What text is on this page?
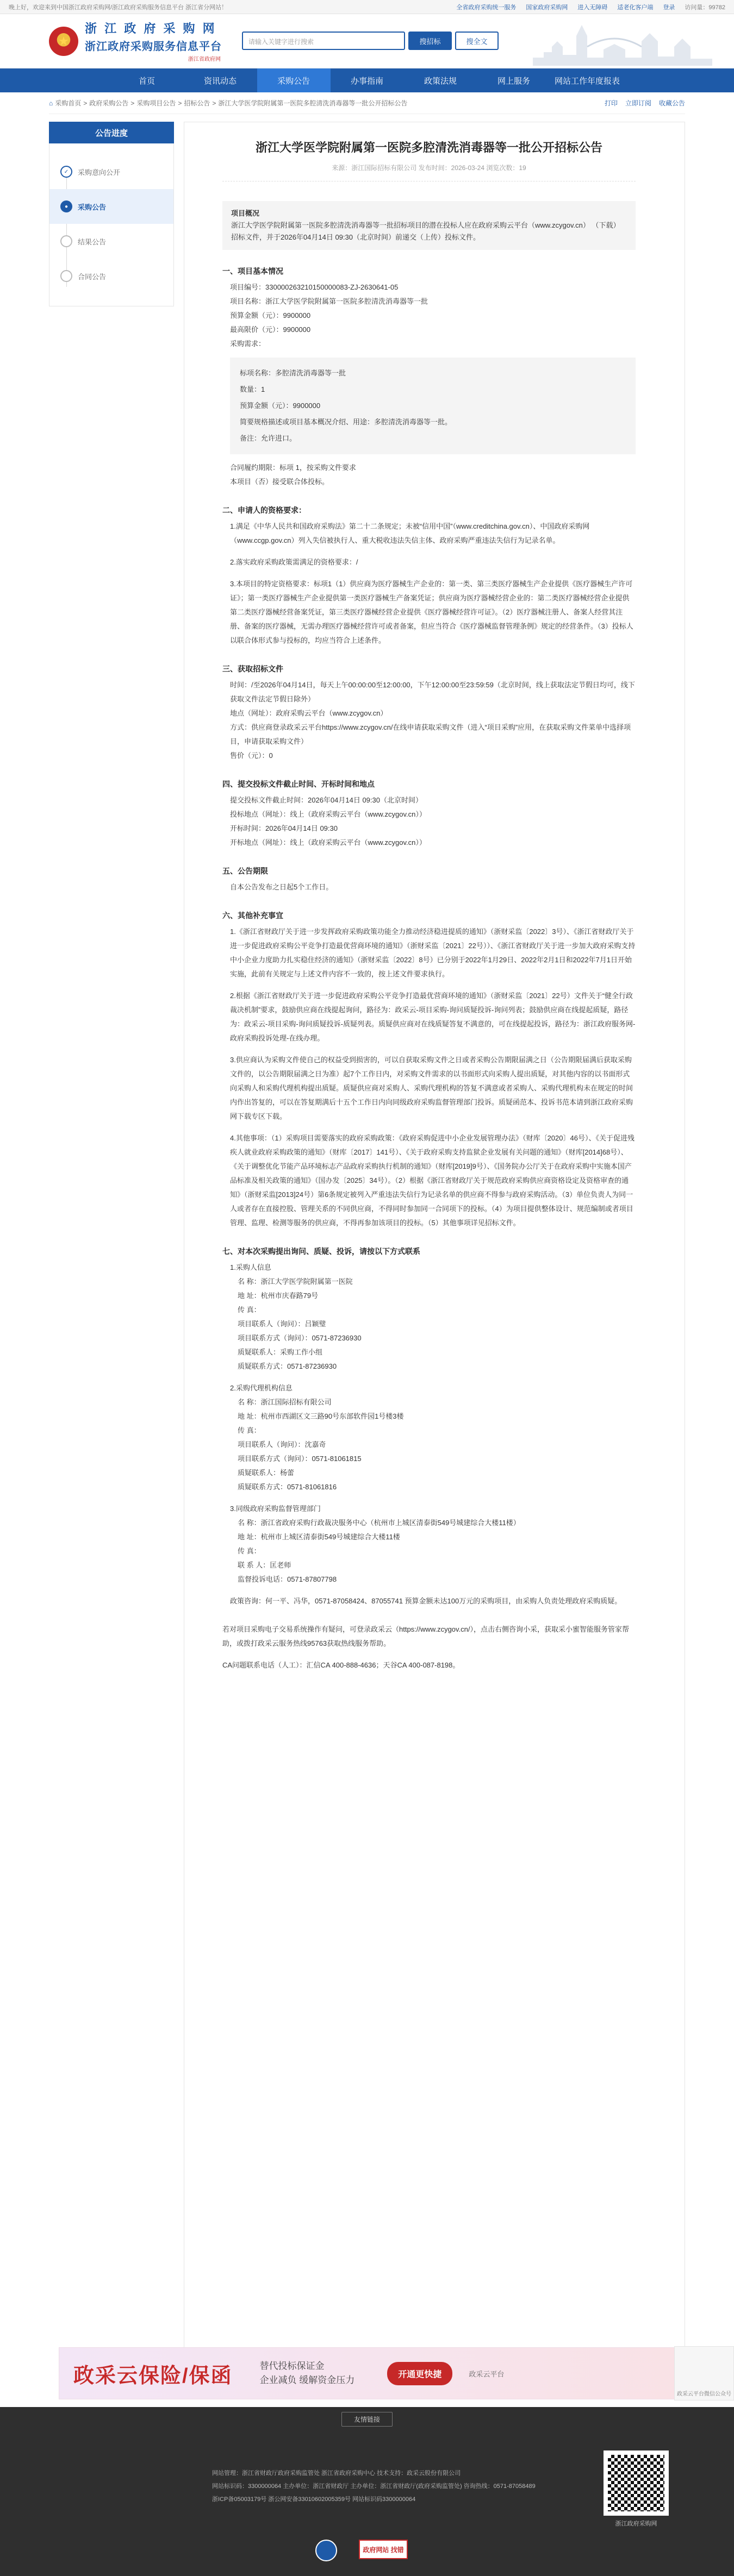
晚上好，欢迎来到中国浙江政府采购网/浙江政府采购服务信息平台 浙江省分网站！	全省政府采购统一服务 国家政府采购网 进入无障碍 适老化客户端 登录 访问量：99782
★
浙 江 政 府 采 购 网
浙江政府采购服务信息平台
浙江省政府网
请输入关键字进行搜索	搜招标	搜全文
首页	资讯动态	采购公告	办事指南	政策法规	网上服务	网站工作年度报表
⌂ 采购首页 > 政府采购公告 > 采购项目公告 > 招标公告 > 浙江大学医学院附属第一医院多腔清洗消毒器等一批公开招标公告	打印 立即订阅 收藏公告
公告进度
✓	采购意向公开
●	采购公告
结果公告
合同公告
浙江大学医学院附属第一医院多腔清洗消毒器等一批公开招标公告
来源：浙江国际招标有限公司 发布时间：2026-03-24 浏览次数：19

项目概况

浙江大学医学院附属第一医院多腔清洗消毒器等一批招标项目的潜在投标人应在政府采购云平台（www.zcygov.cn） （下载）招标文件，并于2026年04月14日 09:30（北京时间）前递交（上传）投标文件。

一、项目基本情况

项目编号：330000263210150000083-ZJ-2630641-05

项目名称：浙江大学医学院附属第一医院多腔清洗消毒器等一批

预算金额（元）：9900000

最高限价（元）：9900000

采购需求：

标项名称：多腔清洗消毒器等一批

数量：1

预算金额（元）：9900000

简要规格描述或项目基本概况介绍、用途：多腔清洗消毒器等一批。

备注：允许进口。

合同履约期限：标项 1，按采购文件要求

本项目（否）接受联合体投标。

二、申请人的资格要求：

1.满足《中华人民共和国政府采购法》第二十二条规定；未被“信用中国”（www.creditchina.gov.cn）、中国政府采购网（www.ccgp.gov.cn）列入失信被执行人、重大税收违法失信主体、政府采购严重违法失信行为记录名单。

2.落实政府采购政策需满足的资格要求：/

3.本项目的特定资格要求：标项1（1）供应商为医疗器械生产企业的：第一类、第三类医疗器械生产企业提供《医疗器械生产许可证》；第一类医疗器械生产企业提供第一类医疗器械生产备案凭证；供应商为医疗器械经营企业的：第二类医疗器械经营企业提供第二类医疗器械经营备案凭证，第三类医疗器械经营企业提供《医疗器械经营许可证》。（2）医疗器械注册人、备案人经营其注册、备案的医疗器械，无需办理医疗器械经营许可或者备案，但应当符合《医疗器械监督管理条例》规定的经营条件。（3）投标人以联合体形式参与投标的，均应当符合上述条件。

三、获取招标文件

时间：/至2026年04月14日，每天上午00:00:00至12:00:00，下午12:00:00至23:59:59（北京时间，线上获取法定节假日均可，线下获取文件法定节假日除外）

地点（网址）：政府采购云平台（www.zcygov.cn）

方式：供应商登录政采云平台https://www.zcygov.cn/在线申请获取采购文件（进入“项目采购”应用，在获取采购文件菜单中选择项目，申请获取采购文件）

售价（元）：0

四、提交投标文件截止时间、开标时间和地点

提交投标文件截止时间：2026年04月14日 09:30（北京时间）

投标地点（网址）：线上（政府采购云平台（www.zcygov.cn））

开标时间：2026年04月14日 09:30

开标地点（网址）：线上（政府采购云平台（www.zcygov.cn））

五、公告期限

自本公告发布之日起5个工作日。

六、其他补充事宜

1.《浙江省财政厅关于进一步发挥政府采购政策功能全力推动经济稳进提质的通知》（浙财采监〔2022〕3号）、《浙江省财政厅关于进一步促进政府采购公平竞争打造最优营商环境的通知》（浙财采监〔2021〕22号））、《浙江省财政厅关于进一步加大政府采购支持中小企业力度助力扎实稳住经济的通知》（浙财采监〔2022〕8号）已分别于2022年1月29日、2022年2月1日和2022年7月1日开始实施，此前有关规定与上述文件内容不一致的，按上述文件要求执行。

2.根据《浙江省财政厅关于进一步促进政府采购公平竞争打造最优营商环境的通知》（浙财采监〔2021〕22号）文件关于“健全行政裁决机制”要求，鼓励供应商在线提起询问，路径为：政采云-项目采购-询问质疑投诉-询问列表；鼓励供应商在线提起质疑，路径为：政采云-项目采购-询问质疑投诉-质疑列表。质疑供应商对在线质疑答复不满意的，可在线提起投诉，路径为：浙江政府服务网-政府采购投诉处理-在线办理。

3.供应商认为采购文件使自己的权益受到损害的，可以自获取采购文件之日或者采购公告期限届满之日（公告期限届满后获取采购文件的，以公告期限届满之日为准）起7个工作日内，对采购文件需求的以书面形式向采购人提出质疑，对其他内容的以书面形式向采购人和采购代理机构提出质疑。质疑供应商对采购人、采购代理机构的答复不满意或者采购人、采购代理机构未在规定的时间内作出答复的，可以在答复期满后十五个工作日内向同级政府采购监督管理部门投诉。质疑函范本、投诉书范本请到浙江政府采购网下载专区下载。

4.其他事项：（1）采购项目需要落实的政府采购政策：《政府采购促进中小企业发展管理办法》（财库〔2020〕46号）、《关于促进残疾人就业政府采购政策的通知》（财库〔2017〕141号）、《关于政府采购支持监狱企业发展有关问题的通知》（财库[2014]68号）、《关于调整优化节能产品环境标志产品政府采购执行机制的通知》（财库[2019]9号）、《国务院办公厅关于在政府采购中实施本国产品标准及相关政策的通知》（国办发〔2025〕34号）。（2）根据《浙江省财政厅关于规范政府采购供应商资格设定及资格审查的通知》（浙财采监[2013]24号）第6条规定被列入严重违法失信行为记录名单的供应商不得参与政府采购活动。（3）单位负责人为同一人或者存在直接控股、管理关系的不同供应商，不得同时参加同一合同项下的投标。（4）为项目提供整体设计、规范编制或者项目管理、监理、检测等服务的供应商，不得再参加该项目的投标。（5）其他事项详见招标文件。

七、对本次采购提出询问、质疑、投诉，请按以下方式联系

1.采购人信息

名 称：浙江大学医学院附属第一医院

地 址：杭州市庆春路79号

传 真：

项目联系人（询问）：吕颖璧

项目联系方式（询问）：0571-87236930

质疑联系人：采购工作小组

质疑联系方式：0571-87236930

2.采购代理机构信息

名 称：浙江国际招标有限公司

地 址：杭州市西湖区文三路90号东部软件园1号楼3楼

传 真：

项目联系人（询问）：沈嘉奇

项目联系方式（询问）：0571-81061815

质疑联系人：杨蕾

质疑联系方式：0571-81061816

3.同级政府采购监督管理部门

名 称：浙江省政府采购行政裁决服务中心（杭州市上城区清泰街549号城建综合大楼11楼）

地 址：杭州市上城区清泰街549号城建综合大楼11楼

传 真：

联 系 人：匡老师

监督投诉电话：0571-87807798

政策咨询：何一平、冯华，0571-87058424、87055741 预算金额未达100万元的采购项目，由采购人负责处理政府采购质疑。

若对项目采购电子交易系统操作有疑问，可登录政采云（https://www.zcygov.cn/），点击右侧咨询小采，获取采小蜜智能服务管家帮助，或拨打政采云服务热线95763获取热线服务帮助。

CA问题联系电话（人工）：汇信CA 400-888-4636；天谷CA 400-087-8198。

政采云保险/保函	替代投标保证金
企业减负 缓解资金压力
开通更快捷	政采云平台
政采云平台微信公众号
友情链接

网站管理：浙江省财政厅政府采购监管处 浙江省政府采购中心 技术支持：政采云股份有限公司

网站标识码：3300000064 主办单位：浙江省财政厅 主办单位：浙江省财政厅(政府采购监管处) 咨询热线：0571-87058489

浙ICP备05003179号 浙公网安备33010602005359号 网站标识码3300000064

浙江政府采购网
政府网站 找错
